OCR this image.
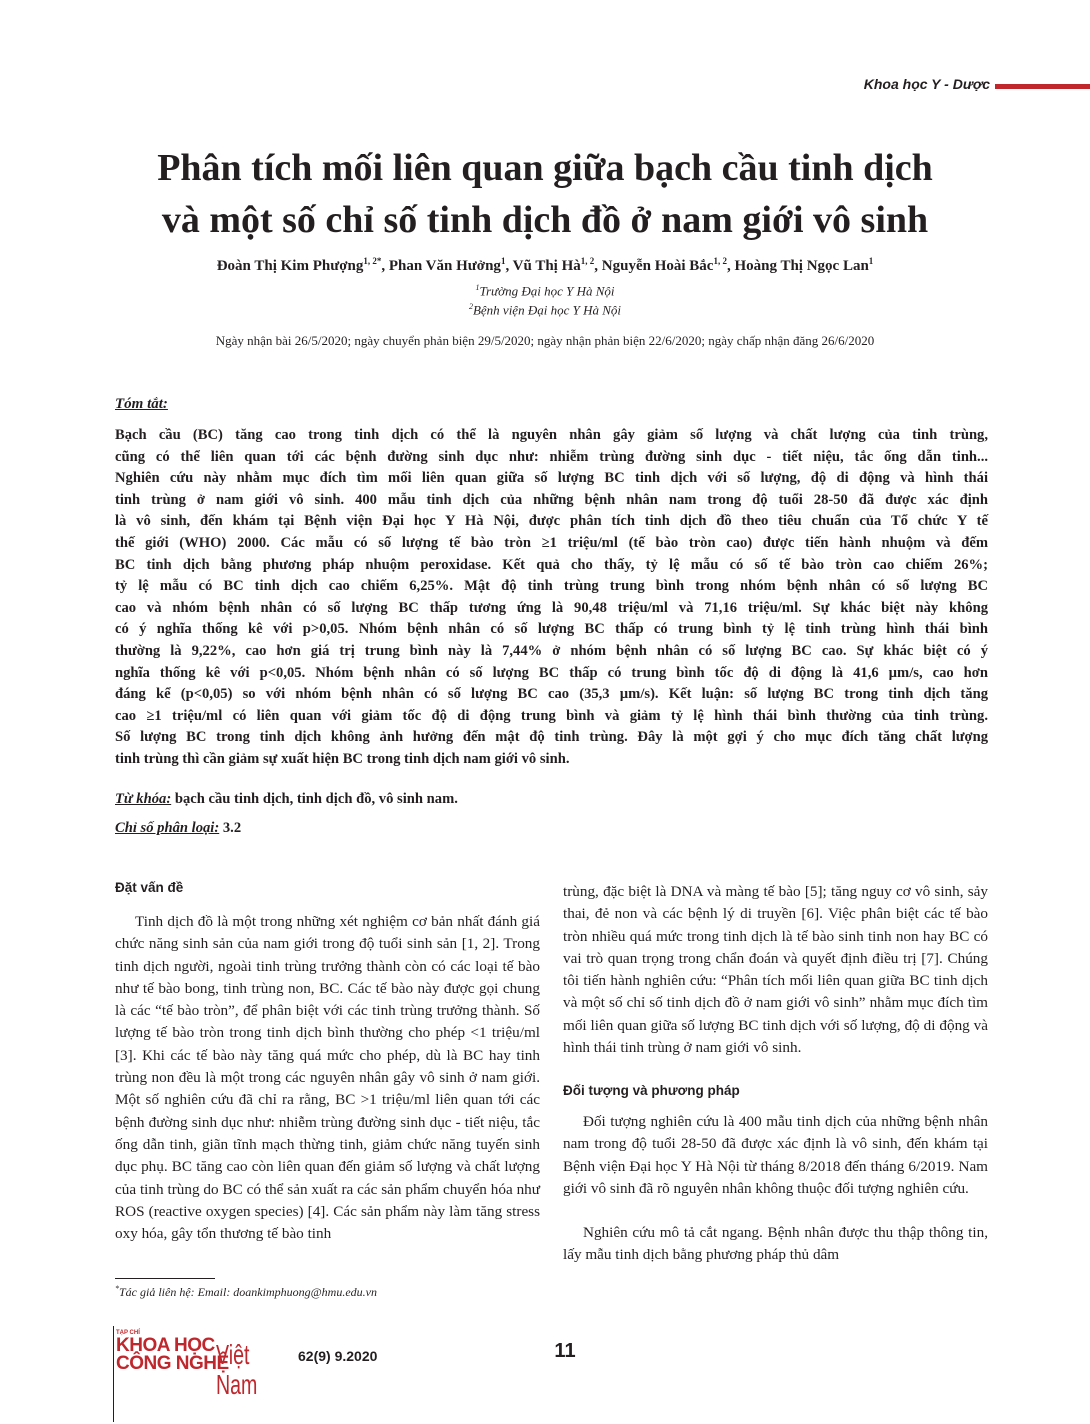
Khoa học Y - Dược
Phân tích mối liên quan giữa bạch cầu tinh dịch
và một số chỉ số tinh dịch đồ ở nam giới vô sinh
Đoàn Thị Kim Phượng$^{1, 2*}$, Phan Văn Hưởng$^1$, Vũ Thị Hà$^{1, 2}$, Nguyễn Hoài Bắc$^{1, 2}$, Hoàng Thị Ngọc Lan$^1$
$^1$Trường Đại học Y Hà Nội
$^2$Bệnh viện Đại học Y Hà Nội
Ngày nhận bài 26/5/2020; ngày chuyển phản biện 29/5/2020; ngày nhận phản biện 22/6/2020; ngày chấp nhận đăng 26/6/2020
Tóm tắt:
Bạch cầu (BC) tăng cao trong tinh dịch có thể là nguyên nhân gây giảm số lượng và chất lượng của tinh trùng,
cũng có thể liên quan tới các bệnh đường sinh dục như: nhiễm trùng đường sinh dục - tiết niệu, tắc ống dẫn tinh...
Nghiên cứu này nhằm mục đích tìm mối liên quan giữa số lượng BC tinh dịch với số lượng, độ di động và hình thái
tinh trùng ở nam giới vô sinh. 400 mẫu tinh dịch của những bệnh nhân nam trong độ tuổi 28-50 đã được xác định
là vô sinh, đến khám tại Bệnh viện Đại học Y Hà Nội, được phân tích tinh dịch đồ theo tiêu chuẩn của Tổ chức Y tế
thế giới (WHO) 2000. Các mẫu có số lượng tế bào tròn ≥1 triệu/ml (tế bào tròn cao) được tiến hành nhuộm và đếm
BC tinh dịch bằng phương pháp nhuộm peroxidase. Kết quả cho thấy, tỷ lệ mẫu có số tế bào tròn cao chiếm 26%;
tỷ lệ mẫu có BC tinh dịch cao chiếm 6,25%. Mật độ tinh trùng trung bình trong nhóm bệnh nhân có số lượng BC
cao và nhóm bệnh nhân có số lượng BC thấp tương ứng là 90,48 triệu/ml và 71,16 triệu/ml. Sự khác biệt này không
có ý nghĩa thống kê với p>0,05. Nhóm bệnh nhân có số lượng BC thấp có trung bình tỷ lệ tinh trùng hình thái bình
thường là 9,22%, cao hơn giá trị trung bình này là 7,44% ở nhóm bệnh nhân có số lượng BC cao. Sự khác biệt có ý
nghĩa thống kê với p<0,05. Nhóm bệnh nhân có số lượng BC thấp có trung bình tốc độ di động là 41,6 µm/s, cao hơn
đáng kể (p<0,05) so với nhóm bệnh nhân có số lượng BC cao (35,3 µm/s). Kết luận: số lượng BC trong tinh dịch tăng
cao ≥1 triệu/ml có liên quan với giảm tốc độ di động trung bình và giảm tỷ lệ hình thái bình thường của tinh trùng.
Số lượng BC trong tinh dịch không ảnh hưởng đến mật độ tinh trùng. Đây là một gợi ý cho mục đích tăng chất lượng
tinh trùng thì cần giảm sự xuất hiện BC trong tinh dịch nam giới vô sinh.
Từ khóa: bạch cầu tinh dịch, tinh dịch đồ, vô sinh nam.
Chỉ số phân loại: 3.2
Đặt vấn đề

Tinh dịch đồ là một trong những xét nghiệm cơ bản nhất đánh giá chức năng sinh sản của nam giới trong độ tuổi sinh sản [1, 2]. Trong tinh dịch người, ngoài tinh trùng trưởng thành còn có các loại tế bào như tế bào bong, tinh trùng non, BC. Các tế bào này được gọi chung là các “tế bào tròn”, để phân biệt với các tinh trùng trưởng thành. Số lượng tế bào tròn trong tinh dịch bình thường cho phép <1 triệu/ml [3]. Khi các tế bào này tăng quá mức cho phép, dù là BC hay tinh trùng non đều là một trong các nguyên nhân gây vô sinh ở nam giới. Một số nghiên cứu đã chỉ ra rằng, BC >1 triệu/ml liên quan tới các bệnh đường sinh dục như: nhiễm trùng đường sinh dục - tiết niệu, tắc ống dẫn tinh, giãn tĩnh mạch thừng tinh, giảm chức năng tuyến sinh dục phụ. BC tăng cao còn liên quan đến giảm số lượng và chất lượng của tinh trùng do BC có thể sản xuất ra các sản phẩm chuyển hóa như ROS (reactive oxygen species) [4]. Các sản phẩm này làm tăng stress oxy hóa, gây tổn thương tế bào tinh

trùng, đặc biệt là DNA và màng tế bào [5]; tăng nguy cơ vô sinh, sảy thai, đẻ non và các bệnh lý di truyền [6]. Việc phân biệt các tế bào tròn nhiều quá mức trong tinh dịch là tế bào sinh tinh non hay BC có vai trò quan trọng trong chẩn đoán và quyết định điều trị [7]. Chúng tôi tiến hành nghiên cứu: “Phân tích mối liên quan giữa BC tinh dịch và một số chỉ số tinh dịch đồ ở nam giới vô sinh” nhằm mục đích tìm mối liên quan giữa số lượng BC tinh dịch với số lượng, độ di động và hình thái tinh trùng ở nam giới vô sinh.

Đối tượng và phương pháp

Đối tượng nghiên cứu là 400 mẫu tinh dịch của những bệnh nhân nam trong độ tuổi 28-50 đã được xác định là vô sinh, đến khám tại Bệnh viện Đại học Y Hà Nội từ tháng 8/2018 đến tháng 6/2019. Nam giới vô sinh đã rõ nguyên nhân không thuộc đối tượng nghiên cứu.

Nghiên cứu mô tả cắt ngang. Bệnh nhân được thu thập thông tin, lấy mẫu tinh dịch bằng phương pháp thủ dâm

*Tác giả liên hệ: Email: doankimphuong@hmu.edu.vn
TẠP CHÍ
KHOA HỌC
CÔNG NGHỆ
Việt Nam
62(9) 9.2020	11
